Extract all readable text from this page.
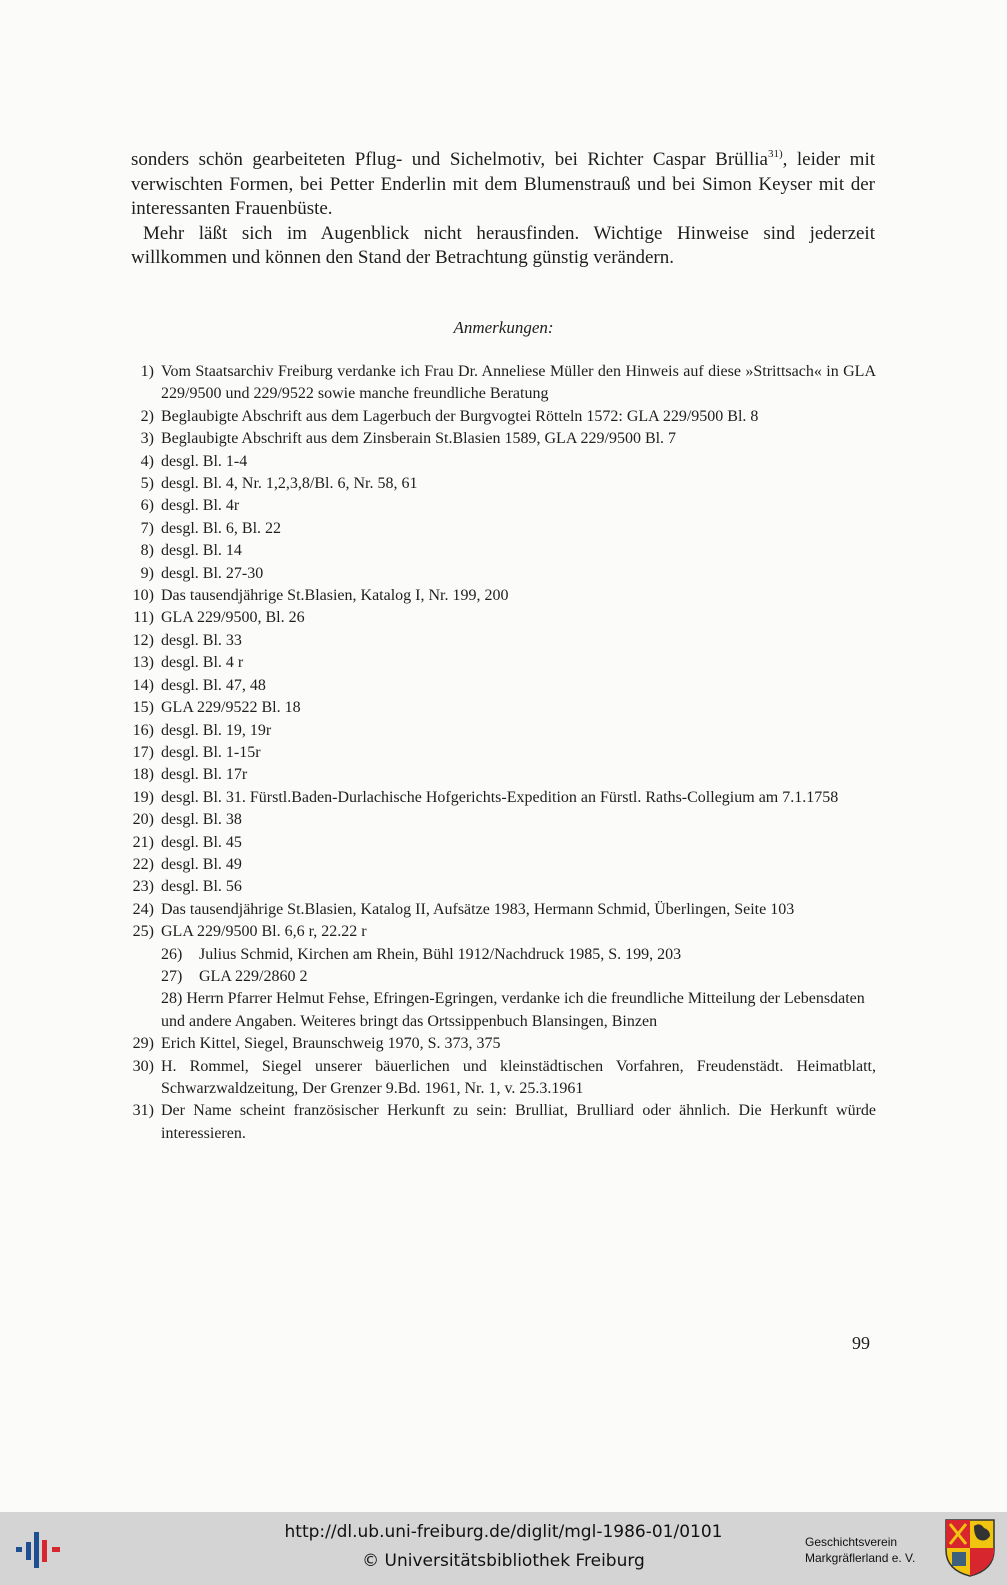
sonders schön gearbeiteten Pflug- und Sichelmotiv, bei Richter Caspar Brüllia$^{31)}$, leider mit verwischten Formen, bei Petter Enderlin mit dem Blumenstrauß und bei Simon Keyser mit der interessanten Frauenbüste.

Mehr läßt sich im Augenblick nicht herausfinden. Wichtige Hinweise sind jederzeit willkommen und können den Stand der Betrachtung günstig verändern.

Anmerkungen:
1) Vom Staatsarchiv Freiburg verdanke ich Frau Dr. Anneliese Müller den Hinweis auf diese »Strittsach« in GLA 229/9500 und 229/9522 sowie manche freundliche Beratung
2) Beglaubigte Abschrift aus dem Lagerbuch der Burgvogtei Rötteln 1572: GLA 229/9500 Bl. 8
3) Beglaubigte Abschrift aus dem Zinsberain St.Blasien 1589, GLA 229/9500 Bl. 7
4) desgl. Bl. 1-4
5) desgl. Bl. 4, Nr. 1,2,3,8/Bl. 6, Nr. 58, 61
6) desgl. Bl. 4r
7) desgl. Bl. 6, Bl. 22
8) desgl. Bl. 14
9) desgl. Bl. 27-30
10) Das tausendjährige St.Blasien, Katalog I, Nr. 199, 200
11) GLA 229/9500, Bl. 26
12) desgl. Bl. 33
13) desgl. Bl. 4 r
14) desgl. Bl. 47, 48
15) GLA 229/9522 Bl. 18
16) desgl. Bl. 19, 19r
17) desgl. Bl. 1-15r
18) desgl. Bl. 17r
19) desgl. Bl. 31. Fürstl.Baden-Durlachische Hofgerichts-Expedition an Fürstl. Raths-Collegium am 7.1.1758
20) desgl. Bl. 38
21) desgl. Bl. 45
22) desgl. Bl. 49
23) desgl. Bl. 56
24) Das tausendjährige St.Blasien, Katalog II, Aufsätze 1983, Hermann Schmid, Überlingen, Seite 103
25) GLA 229/9500 Bl. 6,6 r, 22.22 r
26)	Julius Schmid, Kirchen am Rhein, Bühl 1912/Nachdruck 1985, S. 199, 203
27)	GLA 229/2860 2
28) Herrn Pfarrer Helmut Fehse, Efringen-Egringen, verdanke ich die freundliche Mitteilung der Lebensdaten und andere Angaben. Weiteres bringt das Ortssippenbuch Blansingen, Binzen
29) Erich Kittel, Siegel, Braunschweig 1970, S. 373, 375
30) H. Rommel, Siegel unserer bäuerlichen und kleinstädtischen Vorfahren, Freudenstädt. Heimatblatt, Schwarzwaldzeitung, Der Grenzer 9.Bd. 1961, Nr. 1, v. 25.3.1961
31) Der Name scheint französischer Herkunft zu sein: Brulliat, Brulliard oder ähnlich. Die Herkunft würde interessieren.
99
http://dl.ub.uni-freiburg.de/diglit/mgl-1986-01/0101
© Universitätsbibliothek Freiburg
Geschichtsverein
Markgräflerland e. V.
